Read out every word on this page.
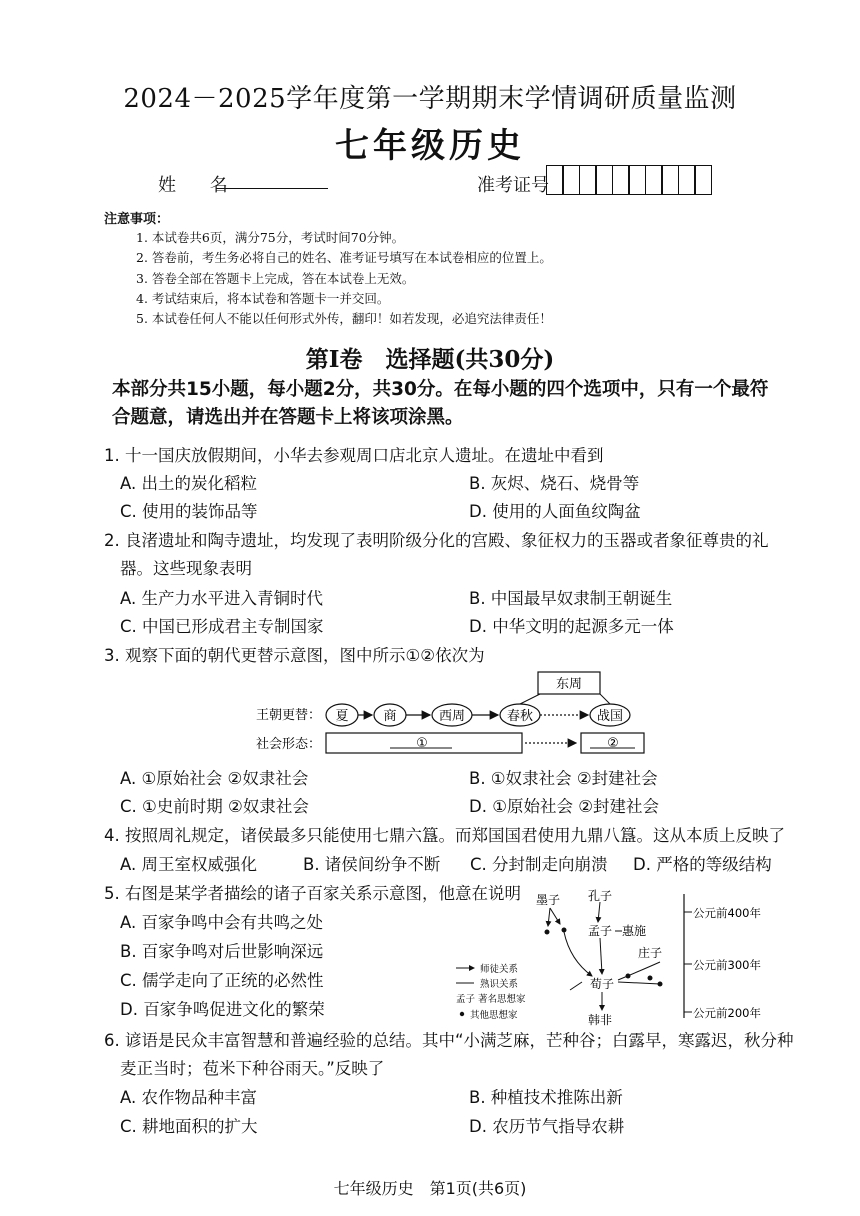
2024－2025学年度第一学期期末学情调研质量监测
七年级历史
姓 名	准考证号
注意事项：
1. 本试卷共6页，满分75分，考试时间70分钟。
2. 答卷前，考生务必将自己的姓名、准考证号填写在本试卷相应的位置上。
3. 答卷全部在答题卡上完成，答在本试卷上无效。
4. 考试结束后，将本试卷和答题卡一并交回。
5. 本试卷任何人不能以任何形式外传，翻印！如若发现，必追究法律责任！
第Ⅰ卷　选择题(共30分)
本部分共15小题，每小题2分，共30分。在每小题的四个选项中，只有一个最符合题意，请选出并在答题卡上将该项涂黑。
1. 十一国庆放假期间，小华去参观周口店北京人遗址。在遗址中看到
A. 出土的炭化稻粒	B. 灰烬、烧石、烧骨等
C. 使用的装饰品等	D. 使用的人面鱼纹陶盆
2. 良渚遗址和陶寺遗址，均发现了表明阶级分化的宫殿、象征权力的玉器或者象征尊贵的礼
器。这些现象表明
A. 生产力水平进入青铜时代	B. 中国最早奴隶制王朝诞生
C. 中国已形成君主专制国家	D. 中华文明的起源多元一体
3. 观察下面的朝代更替示意图，图中所示①②依次为
王朝更替：
社会形态：
东周
夏	商	西周	春秋	战国
①	②
A. ①原始社会 ②奴隶社会	B. ①奴隶社会 ②封建社会
C. ①史前时期 ②奴隶社会	D. ①原始社会 ②封建社会
4. 按照周礼规定，诸侯最多只能使用七鼎六簋。而郑国国君使用九鼎八簋。这从本质上反映了
A. 周王室权威强化	B. 诸侯间纷争不断 C. 分封制走向崩溃 D. 严格的等级结构
5. 右图是某学者描绘的诸子百家关系示意图，他意在说明
A. 百家争鸣中会有共鸣之处
B. 百家争鸣对后世影响深远
C. 儒学走向了正统的必然性
D. 百家争鸣促进文化的繁荣
公元前400年
公元前300年
公元前200年
墨子 孔子
孟子 惠施
庄子
荀子
韩非
师徒关系
熟识关系
孟子 著名思想家
其他思想家
6. 谚语是民众丰富智慧和普遍经验的总结。其中“小满芝麻，芒种谷；白露早，寒露迟，秋分种
麦正当时；苞米下种谷雨天。”反映了
A. 农作物品种丰富	B. 种植技术推陈出新
C. 耕地面积的扩大	D. 农历节气指导农耕
七年级历史　第1页(共6页)
